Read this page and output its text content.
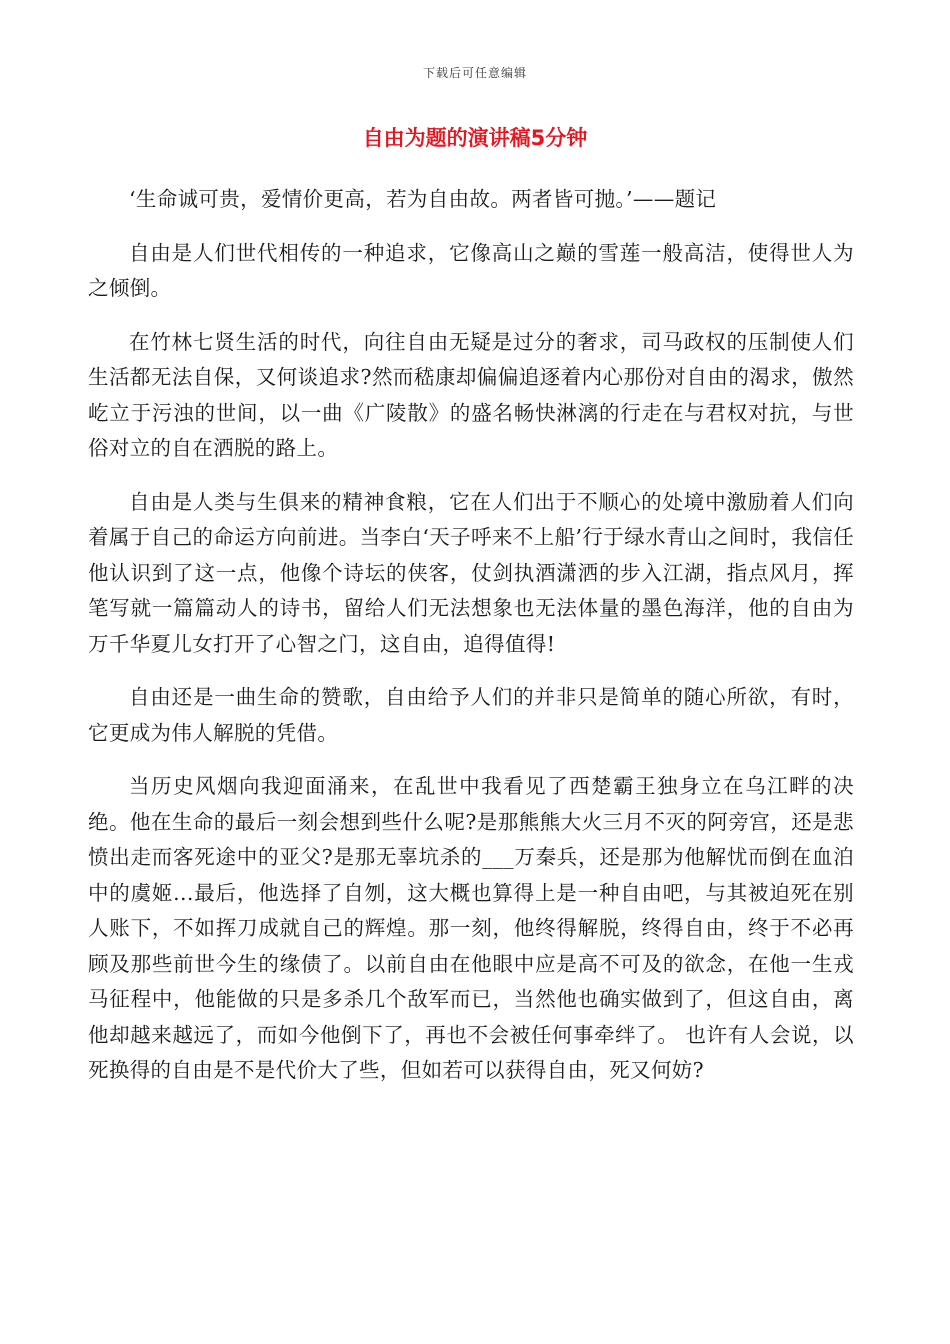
下载后可任意编辑
自由为题的演讲稿5分钟

‘生命诚可贵，爱情价更高，若为自由故。两者皆可抛。’——题记

自由是人们世代相传的一种追求，它像高山之巅的雪莲一般高洁，使得世人为之倾倒。

在竹林七贤生活的时代，向往自由无疑是过分的奢求，司马政权的压制使人们生活都无法自保，又何谈追求?然而嵇康却偏偏追逐着内心那份对自由的渴求，傲然屹立于污浊的世间，以一曲《广陵散》的盛名畅快淋漓的行走在与君权对抗，与世俗对立的自在洒脱的路上。

自由是人类与生俱来的精神食粮，它在人们出于不顺心的处境中激励着人们向着属于自己的命运方向前进。当李白‘天子呼来不上船’行于绿水青山之间时，我信任他认识到了这一点，他像个诗坛的侠客，仗剑执酒潇洒的步入江湖，指点风月，挥笔写就一篇篇动人的诗书，留给人们无法想象也无法体量的墨色海洋，他的自由为万千华夏儿女打开了心智之门，这自由，追得值得!

自由还是一曲生命的赞歌，自由给予人们的并非只是简单的随心所欲，有时，它更成为伟人解脱的凭借。

当历史风烟向我迎面涌来，在乱世中我看见了西楚霸王独身立在乌江畔的决绝。他在生命的最后一刻会想到些什么呢?是那熊熊大火三月不灭的阿旁宫，还是悲愤出走而客死途中的亚父?是那无辜坑杀的___万秦兵，还是那为他解忧而倒在血泊中的虞姬...最后，他选择了自刎，这大概也算得上是一种自由吧，与其被迫死在别人账下，不如挥刀成就自己的辉煌。那一刻，他终得解脱，终得自由，终于不必再顾及那些前世今生的缘债了。以前自由在他眼中应是高不可及的欲念，在他一生戎马征程中，他能做的只是多杀几个敌军而已，当然他也确实做到了，但这自由，离他却越来越远了，而如今他倒下了，再也不会被任何事牵绊了。 也许有人会说，以死换得的自由是不是代价大了些，但如若可以获得自由，死又何妨?
